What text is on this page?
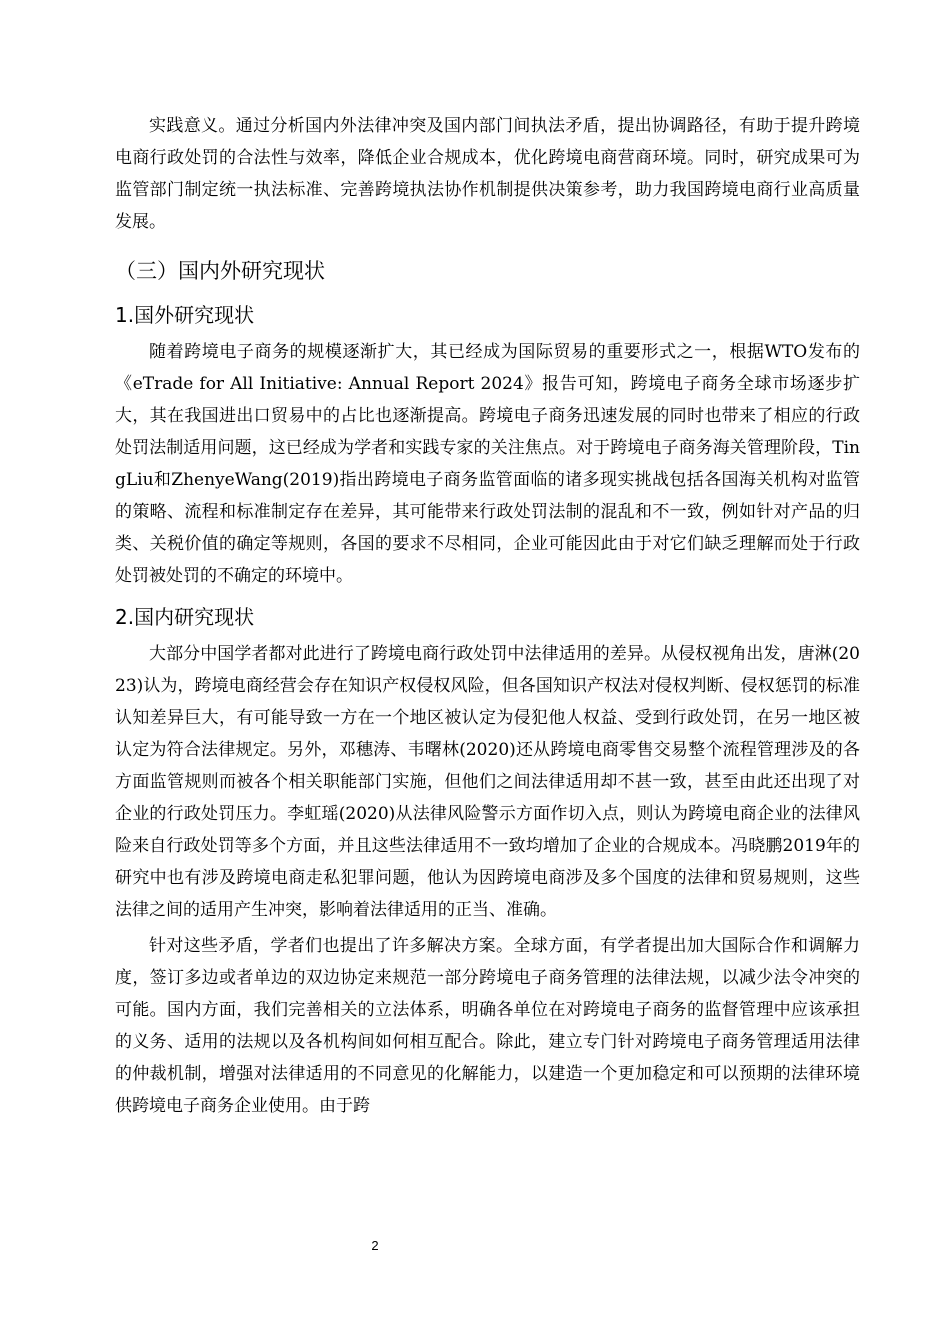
实践意义。通过分析国内外法律冲突及国内部门间执法矛盾，提出协调路径，有助于提升跨境电商行政处罚的合法性与效率，降低企业合规成本，优化跨境电商营商环境。同时，研究成果可为监管部门制定统一执法标准、完善跨境执法协作机制提供决策参考，助力我国跨境电商行业高质量发展。

（三）国内外研究现状
1.国外研究现状

随着跨境电子商务的规模逐渐扩大，其已经成为国际贸易的重要形式之一，根据WTO发布的《eTrade for All Initiative: Annual Report 2024》报告可知，跨境电子商务全球市场逐步扩大，其在我国进出口贸易中的占比也逐渐提高。跨境电子商务迅速发展的同时也带来了相应的行政处罚法制适用问题，这已经成为学者和实践专家的关注焦点。对于跨境电子商务海关管理阶段，TingLiu和ZhenyeWang(2019)指出跨境电子商务监管面临的诸多现实挑战包括各国海关机构对监管的策略、流程和标准制定存在差异，其可能带来行政处罚法制的混乱和不一致，例如针对产品的归类、关税价值的确定等规则，各国的要求不尽相同，企业可能因此由于对它们缺乏理解而处于行政处罚被处罚的不确定的环境中。

2.国内研究现状

大部分中国学者都对此进行了跨境电商行政处罚中法律适用的差异。从侵权视角出发，唐淋(2023)认为，跨境电商经营会存在知识产权侵权风险，但各国知识产权法对侵权判断、侵权惩罚的标准认知差异巨大，有可能导致一方在一个地区被认定为侵犯他人权益、受到行政处罚，在另一地区被认定为符合法律规定。另外，邓穗涛、韦曙林(2020)还从跨境电商零售交易整个流程管理涉及的各方面监管规则而被各个相关职能部门实施，但他们之间法律适用却不甚一致，甚至由此还出现了对企业的行政处罚压力。李虹瑶(2020)从法律风险警示方面作切入点，则认为跨境电商企业的法律风险来自行政处罚等多个方面，并且这些法律适用不一致均增加了企业的合规成本。冯晓鹏2019年的研究中也有涉及跨境电商走私犯罪问题，他认为因跨境电商涉及多个国度的法律和贸易规则，这些法律之间的适用产生冲突，影响着法律适用的正当、准确。

针对这些矛盾，学者们也提出了许多解决方案。全球方面，有学者提出加大国际合作和调解力度，签订多边或者单边的双边协定来规范一部分跨境电子商务管理的法律法规，以减少法令冲突的可能。国内方面，我们完善相关的立法体系，明确各单位在对跨境电子商务的监督管理中应该承担的义务、适用的法规以及各机构间如何相互配合。除此，建立专门针对跨境电子商务管理适用法律的仲裁机制，增强对法律适用的不同意见的化解能力，以建造一个更加稳定和可以预期的法律环境供跨境电子商务企业使用。由于跨

2
